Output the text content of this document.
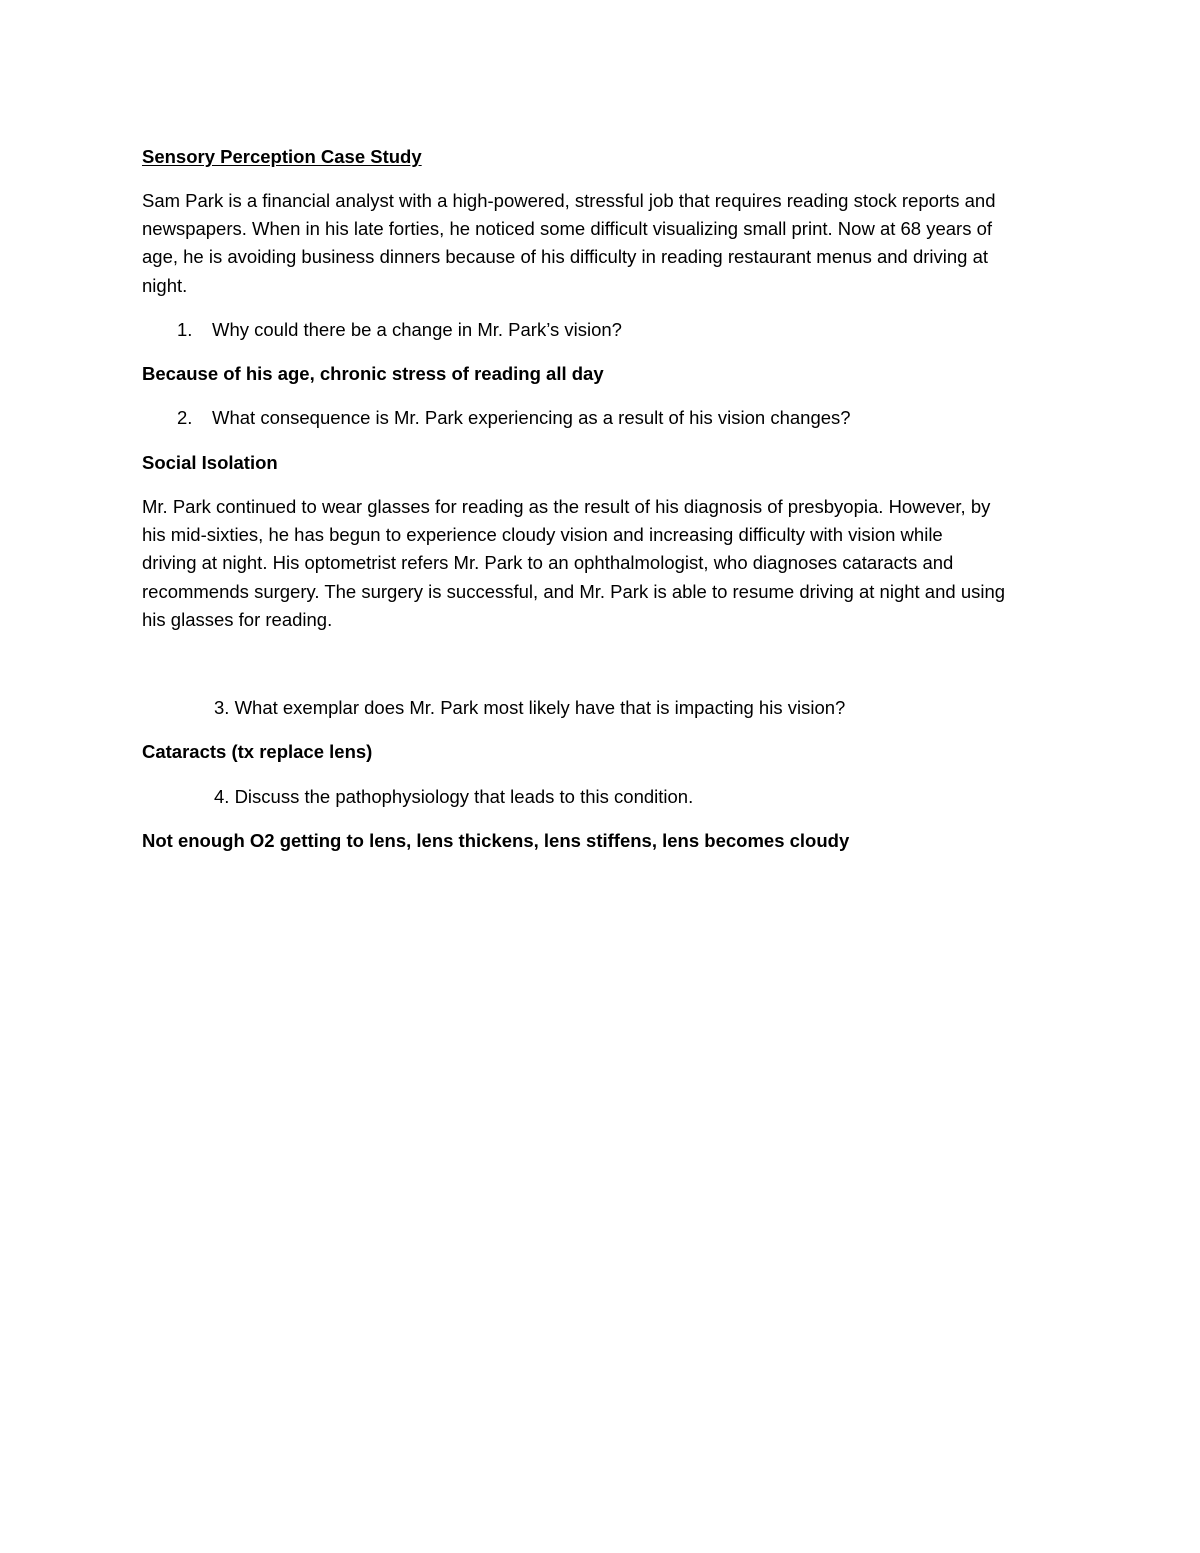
Sensory Perception Case Study
Sam Park is a financial analyst with a high-powered, stressful job that requires reading stock reports and
newspapers. When in his late forties, he noticed some difficult visualizing small print. Now at 68 years of
age, he is avoiding business dinners because of his difficulty in reading restaurant menus and driving at
night.
1. Why could there be a change in Mr. Park’s vision?
Because of his age, chronic stress of reading all day
2. What consequence is Mr. Park experiencing as a result of his vision changes?
Social Isolation
Mr. Park continued to wear glasses for reading as the result of his diagnosis of presbyopia. However, by
his mid-sixties, he has begun to experience cloudy vision and increasing difficulty with vision while
driving at night. His optometrist refers Mr. Park to an ophthalmologist, who diagnoses cataracts and
recommends surgery. The surgery is successful, and Mr. Park is able to resume driving at night and using
his glasses for reading.
3. What exemplar does Mr. Park most likely have that is impacting his vision?
Cataracts (tx replace lens)
4. Discuss the pathophysiology that leads to this condition.
Not enough O2 getting to lens, lens thickens, lens stiffens, lens becomes cloudy
